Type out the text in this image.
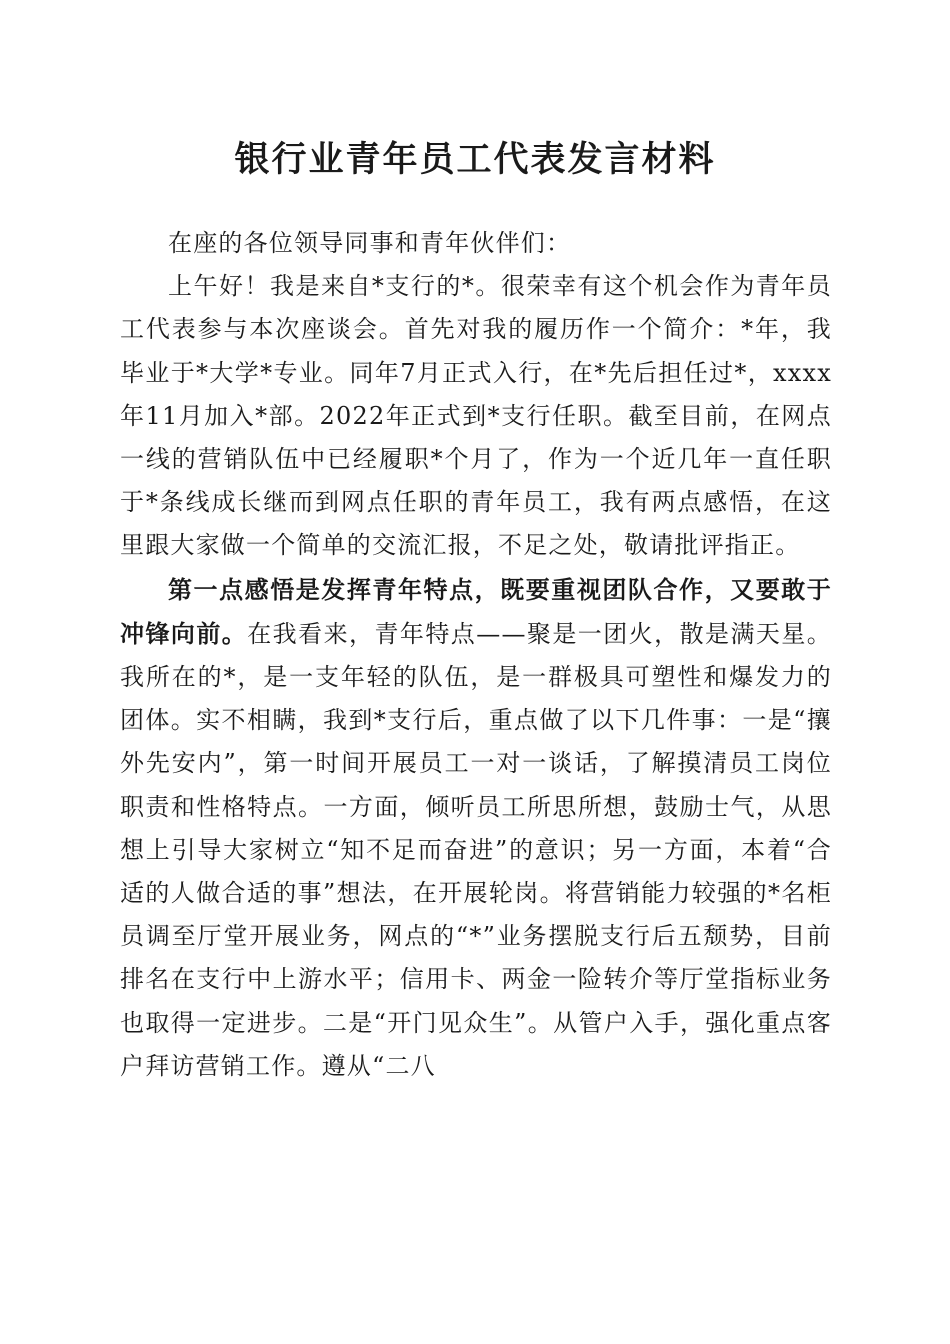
银行业青年员工代表发言材料

在座的各位领导同事和青年伙伴们：

上午好！我是来自*支行的*。很荣幸有这个机会作为青年员工代表参与本次座谈会。首先对我的履历作一个简介：*年，我毕业于*大学*专业。同年7月正式入行，在*先后担任过*，xxxx年11月加入*部。2022年正式到*支行任职。截至目前，在网点一线的营销队伍中已经履职*个月了，作为一个近几年一直任职于*条线成长继而到网点任职的青年员工，我有两点感悟，在这里跟大家做一个简单的交流汇报，不足之处，敬请批评指正。

第一点感悟是发挥青年特点，既要重视团队合作，又要敢于冲锋向前。在我看来，青年特点——聚是一团火，散是满天星。我所在的*，是一支年轻的队伍，是一群极具可塑性和爆发力的团体。实不相瞒，我到*支行后，重点做了以下几件事：一是“攘外先安内”，第一时间开展员工一对一谈话，了解摸清员工岗位职责和性格特点。一方面，倾听员工所思所想，鼓励士气，从思想上引导大家树立“知不足而奋进”的意识；另一方面，本着“合适的人做合适的事”想法，在开展轮岗。将营销能力较强的*名柜员调至厅堂开展业务，网点的“*”业务摆脱支行后五颓势，目前排名在支行中上游水平；信用卡、两金一险转介等厅堂指标业务也取得一定进步。二是“开门见众生”。从管户入手，强化重点客户拜访营销工作。遵从“二八
